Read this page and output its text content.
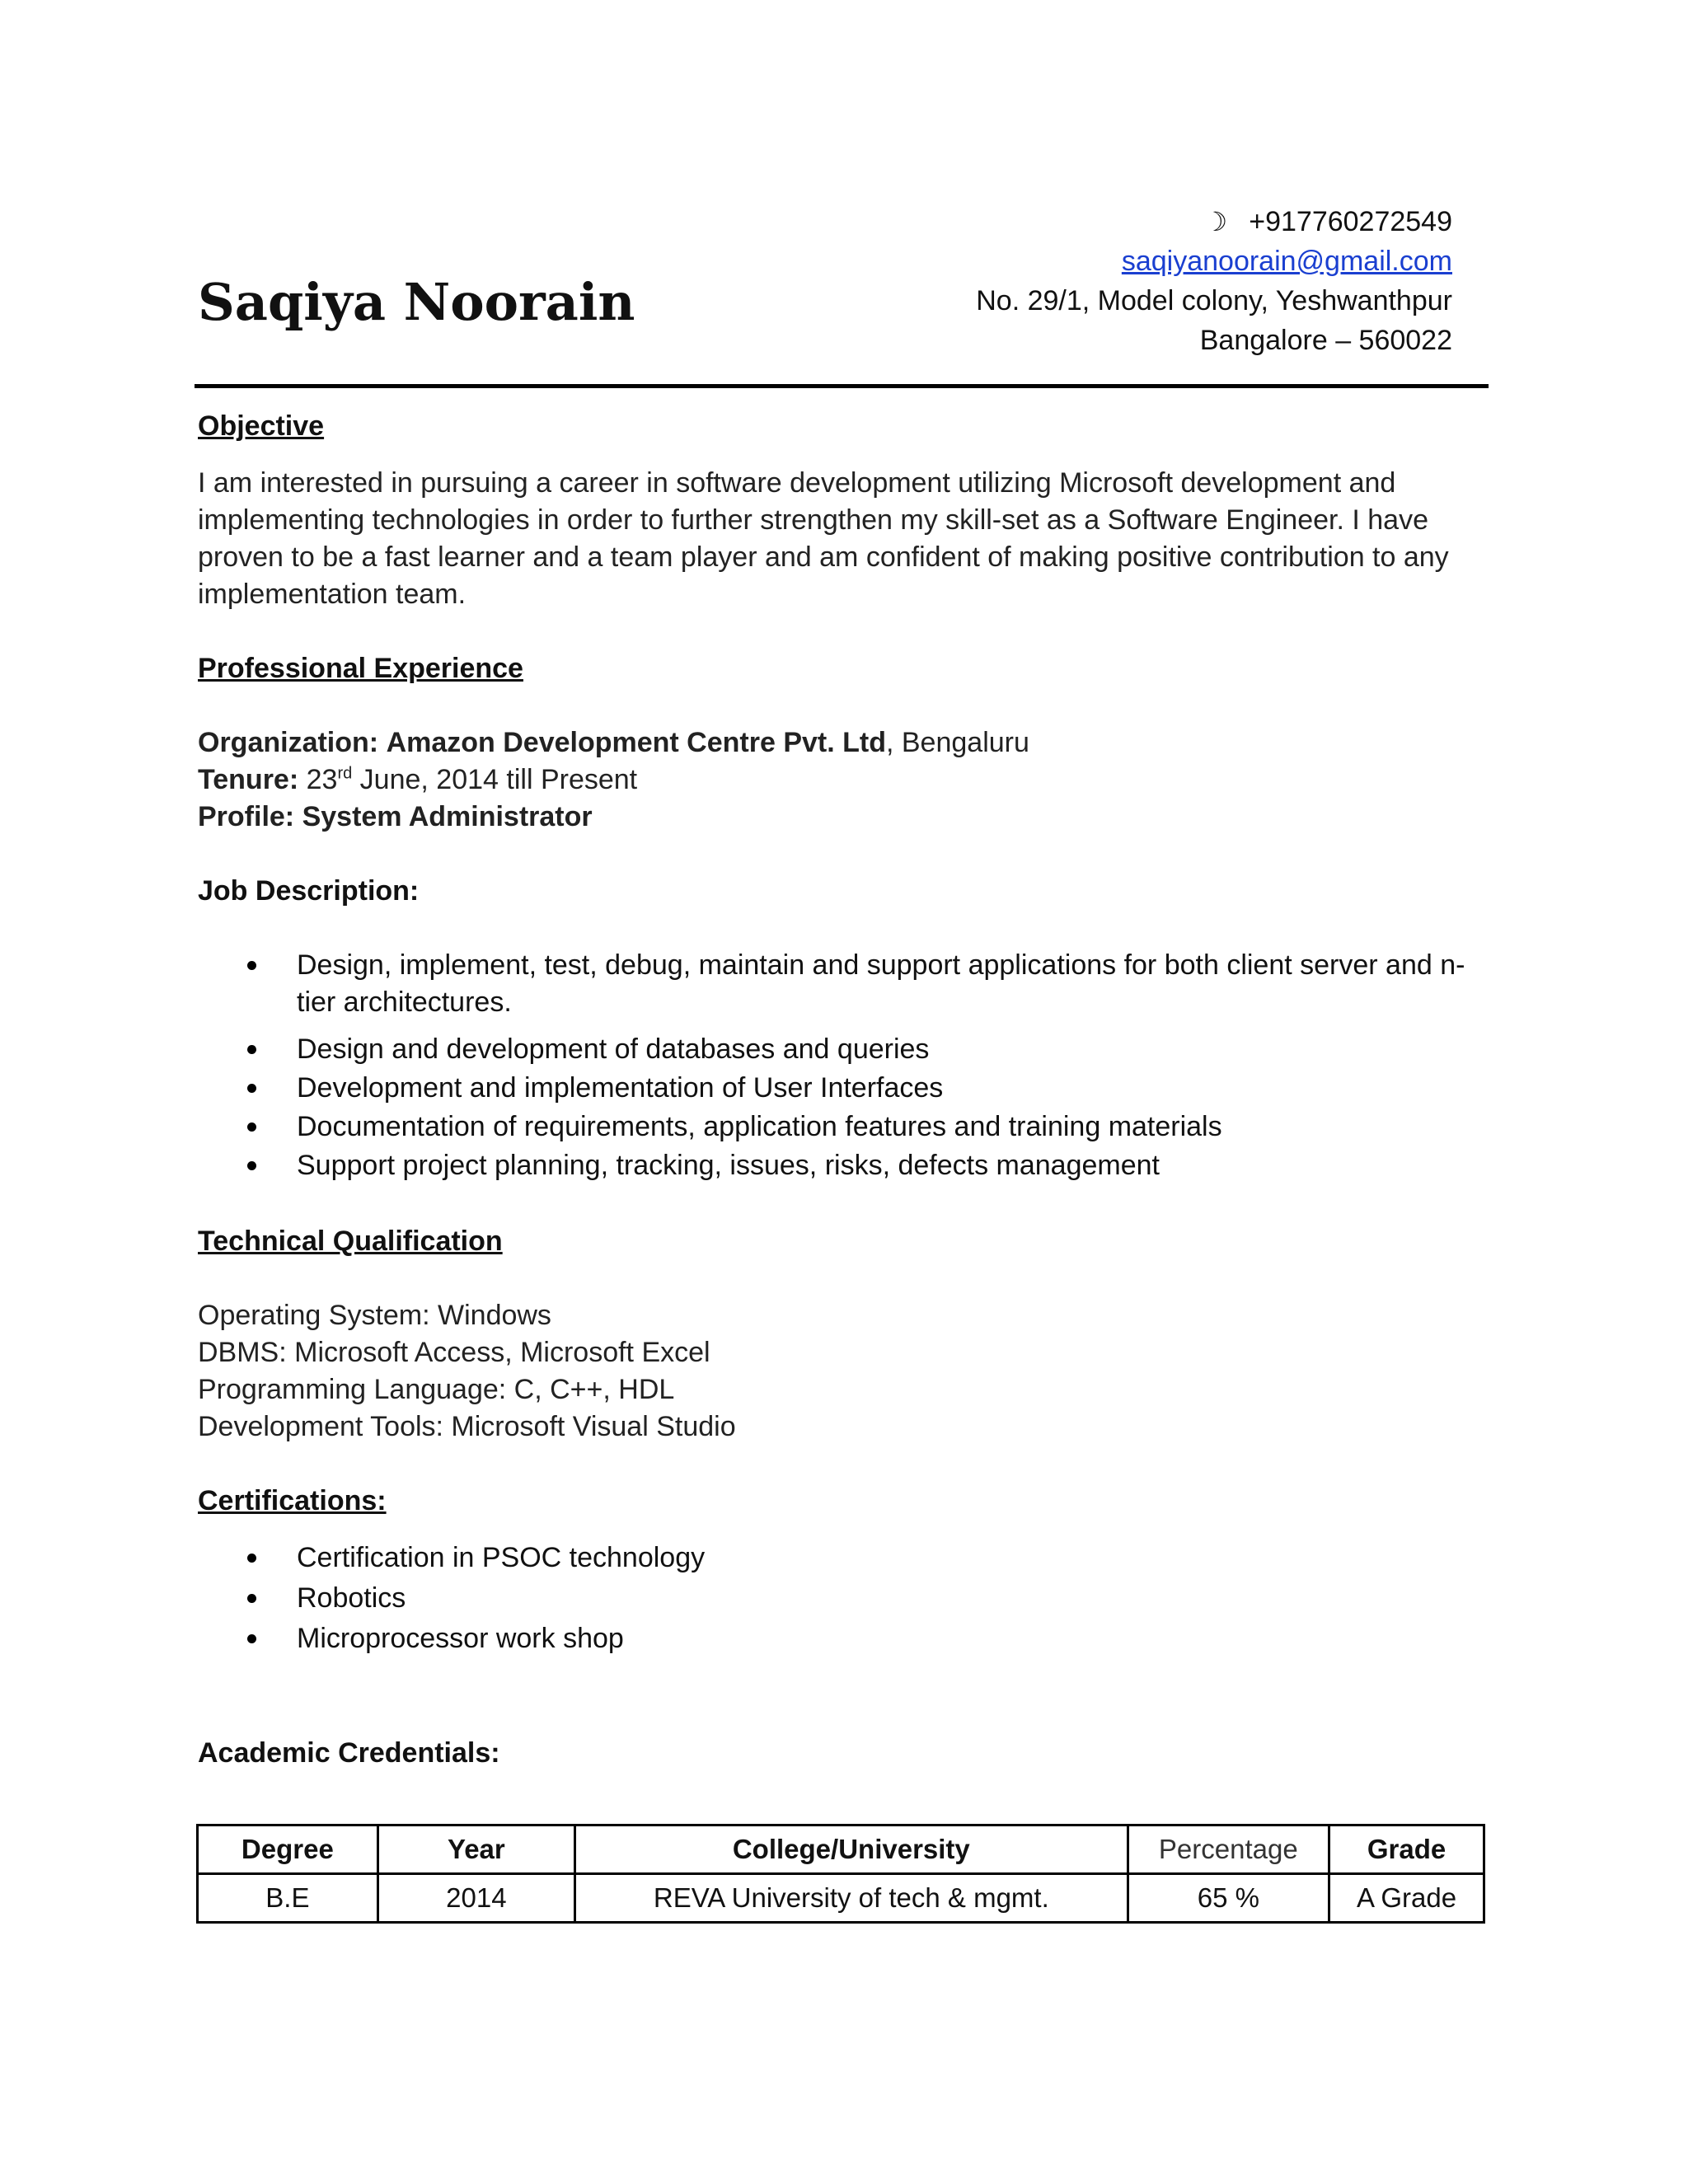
Saqiya Noorain
☽ +917760272549
saqiyanoorain@gmail.com
No. 29/1, Model colony, Yeshwanthpur
Bangalore – 560022

Objective

I am interested in pursuing a career in software development utilizing Microsoft development and implementing technologies in order to further strengthen my skill-set as a Software Engineer. I have proven to be a fast learner and a team player and am confident of making positive contribution to any implementation team.

Professional Experience

Organization: Amazon Development Centre Pvt. Ltd, Bengaluru

Tenure: 23rd June, 2014 till Present

Profile: System Administrator

Job Description:

Design, implement, test, debug, maintain and support applications for both client server and n-tier architectures.
Design and development of databases and queries
Development and implementation of User Interfaces
Documentation of requirements, application features and training materials
Support project planning, tracking, issues, risks, defects management

Technical Qualification

Operating System: Windows

DBMS: Microsoft Access, Microsoft Excel

Programming Language: C, C++, HDL

Development Tools: Microsoft Visual Studio

Certifications:

Certification in PSOC technology
Robotics
Microprocessor work shop

Academic Credentials:

Degree	Year	College/University	Percentage	Grade
B.E	2014	REVA University of tech & mgmt.	65 %	A Grade
